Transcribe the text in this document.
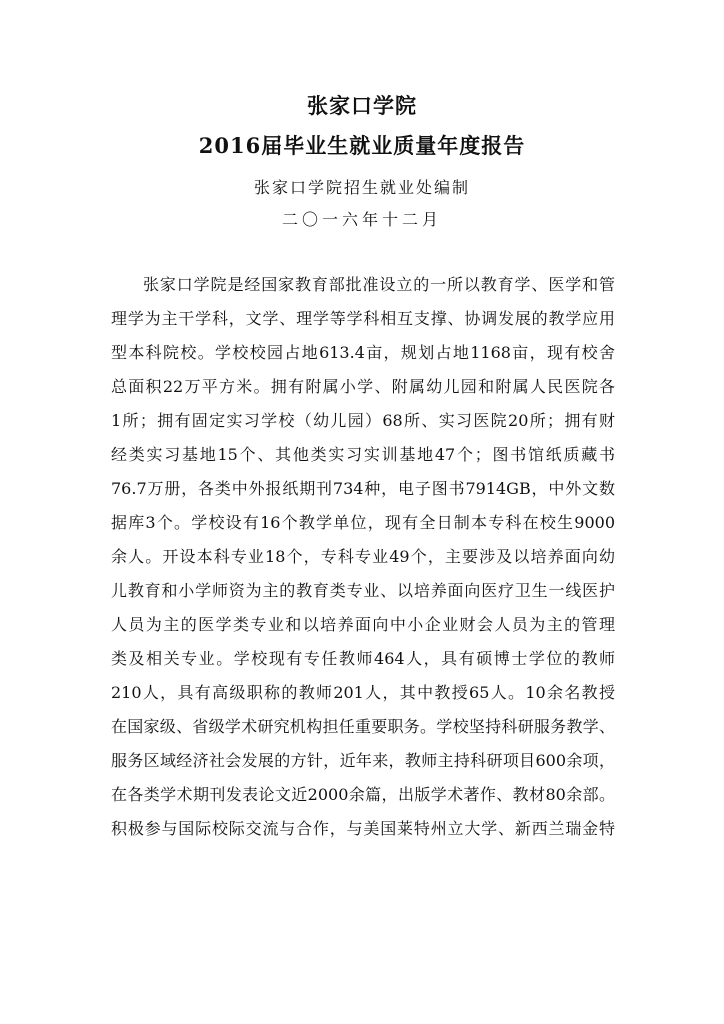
张家口学院
2016届毕业生就业质量年度报告
张家口学院招生就业处编制
二〇一六年十二月

张家口学院是经国家教育部批准设立的一所以教育学、医学和管
理学为主干学科，文学、理学等学科相互支撑、协调发展的教学应用
型本科院校。学校校园占地613.4亩，规划占地1168亩，现有校舍
总面积22万平方米。拥有附属小学、附属幼儿园和附属人民医院各
1所；拥有固定实习学校（幼儿园）68所、实习医院20所；拥有财
经类实习基地15个、其他类实习实训基地47个；图书馆纸质藏书
76.7万册，各类中外报纸期刊734种，电子图书7914GB，中外文数
据库3个。学校设有16个教学单位，现有全日制本专科在校生9000
余人。开设本科专业18个，专科专业49个，主要涉及以培养面向幼
儿教育和小学师资为主的教育类专业、以培养面向医疗卫生一线医护
人员为主的医学类专业和以培养面向中小企业财会人员为主的管理
类及相关专业。学校现有专任教师464人，具有硕博士学位的教师
210人，具有高级职称的教师201人，其中教授65人。10余名教授
在国家级、省级学术研究机构担任重要职务。学校坚持科研服务教学、
服务区域经济社会发展的方针，近年来，教师主持科研项目600余项，
在各类学术期刊发表论文近2000余篇，出版学术著作、教材80余部。
积极参与国际校际交流与合作，与美国莱特州立大学、新西兰瑞金特
